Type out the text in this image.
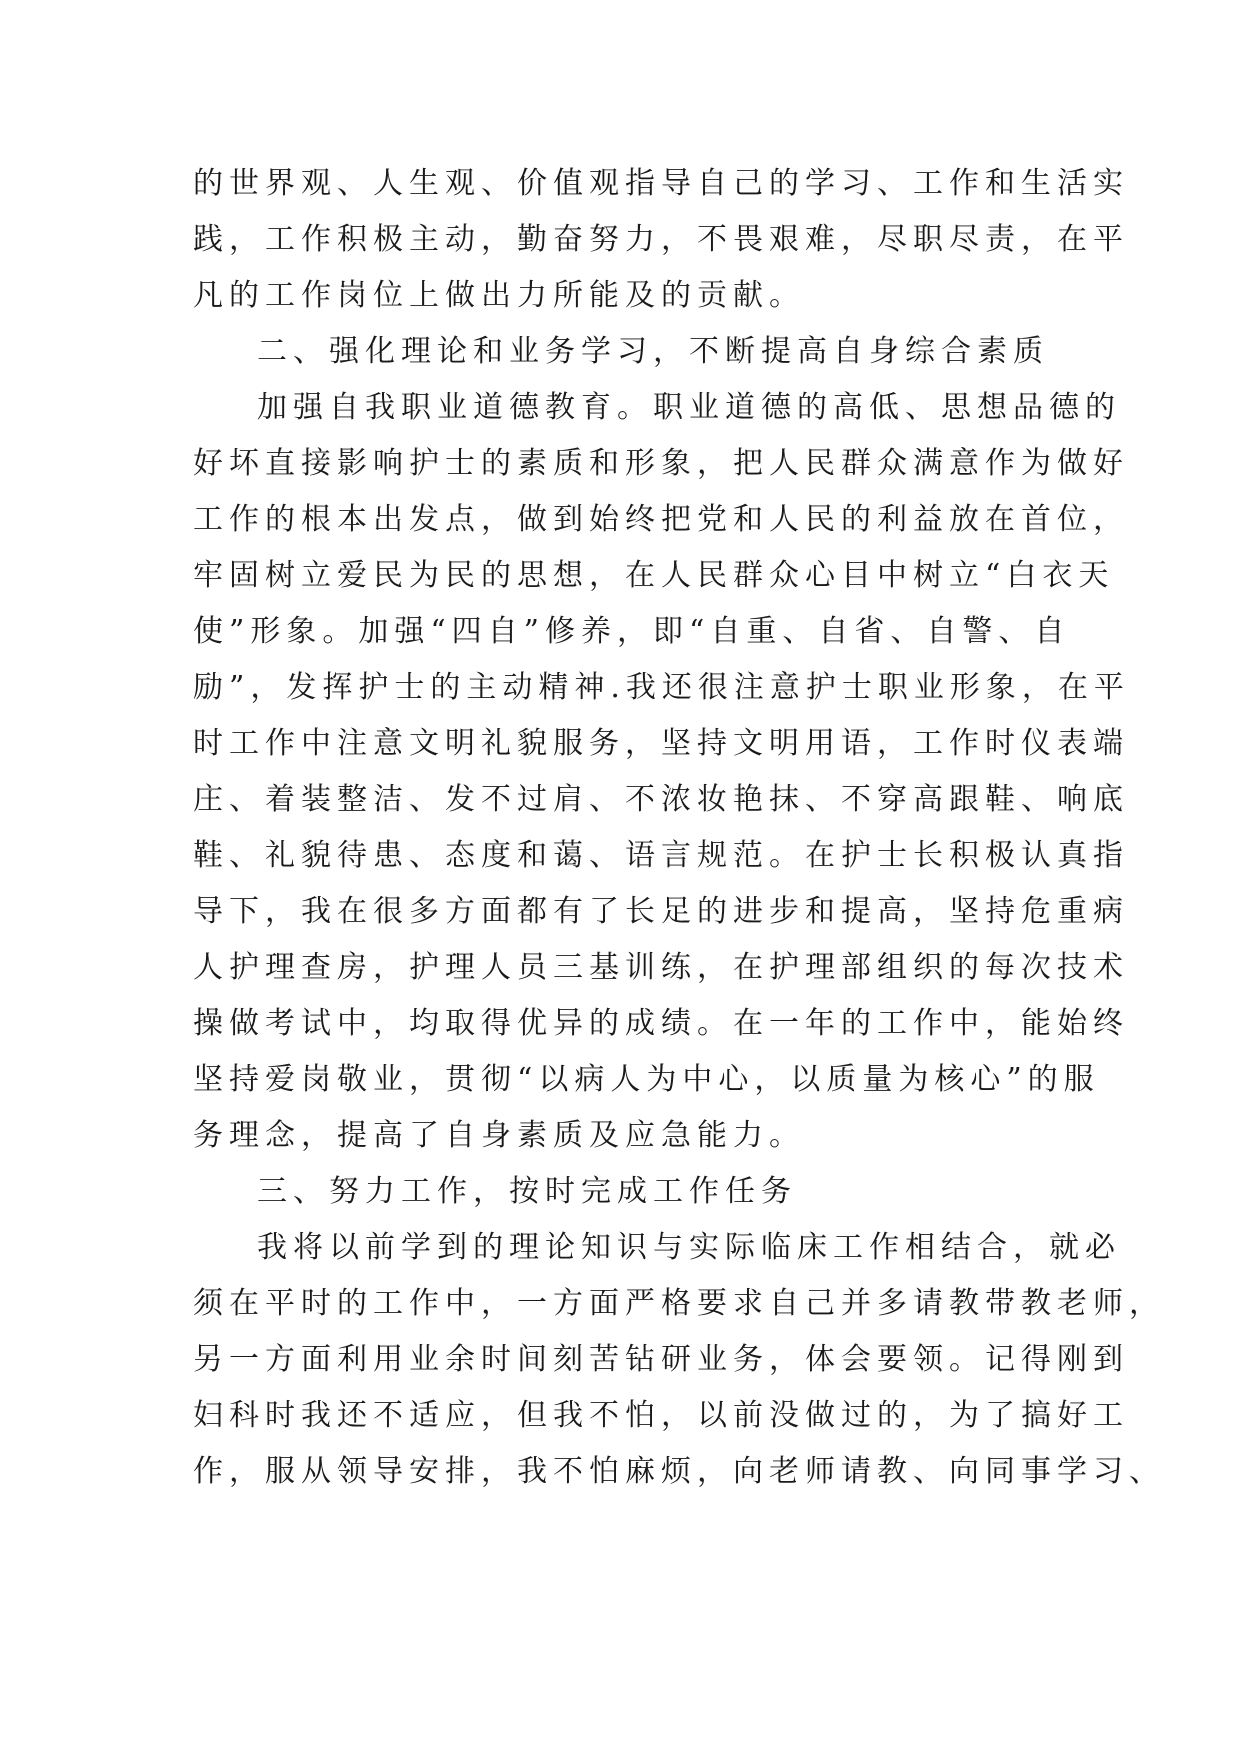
的世界观、人生观、价值观指导自己的学习、工作和生活实
践，工作积极主动，勤奋努力，不畏艰难，尽职尽责，在平
凡的工作岗位上做出力所能及的贡献。
二、强化理论和业务学习，不断提高自身综合素质
加强自我职业道德教育。职业道德的高低、思想品德的
好坏直接影响护士的素质和形象，把人民群众满意作为做好
工作的根本出发点，做到始终把党和人民的利益放在首位，
牢固树立爱民为民的思想，在人民群众心目中树立“白衣天
使”形象。加强“四自”修养，即“自重、自省、自警、自
励”，发挥护士的主动精神.我还很注意护士职业形象，在平
时工作中注意文明礼貌服务，坚持文明用语，工作时仪表端
庄、着装整洁、发不过肩、不浓妆艳抹、不穿高跟鞋、响底
鞋、礼貌待患、态度和蔼、语言规范。在护士长积极认真指
导下，我在很多方面都有了长足的进步和提高，坚持危重病
人护理查房，护理人员三基训练，在护理部组织的每次技术
操做考试中，均取得优异的成绩。在一年的工作中，能始终
坚持爱岗敬业，贯彻“以病人为中心，以质量为核心”的服
务理念，提高了自身素质及应急能力。
三、努力工作，按时完成工作任务
我将以前学到的理论知识与实际临床工作相结合，就必
须在平时的工作中，一方面严格要求自己并多请教带教老师，
另一方面利用业余时间刻苦钻研业务，体会要领。记得刚到
妇科时我还不适应，但我不怕，以前没做过的，为了搞好工
作，服从领导安排，我不怕麻烦，向老师请教、向同事学习、
